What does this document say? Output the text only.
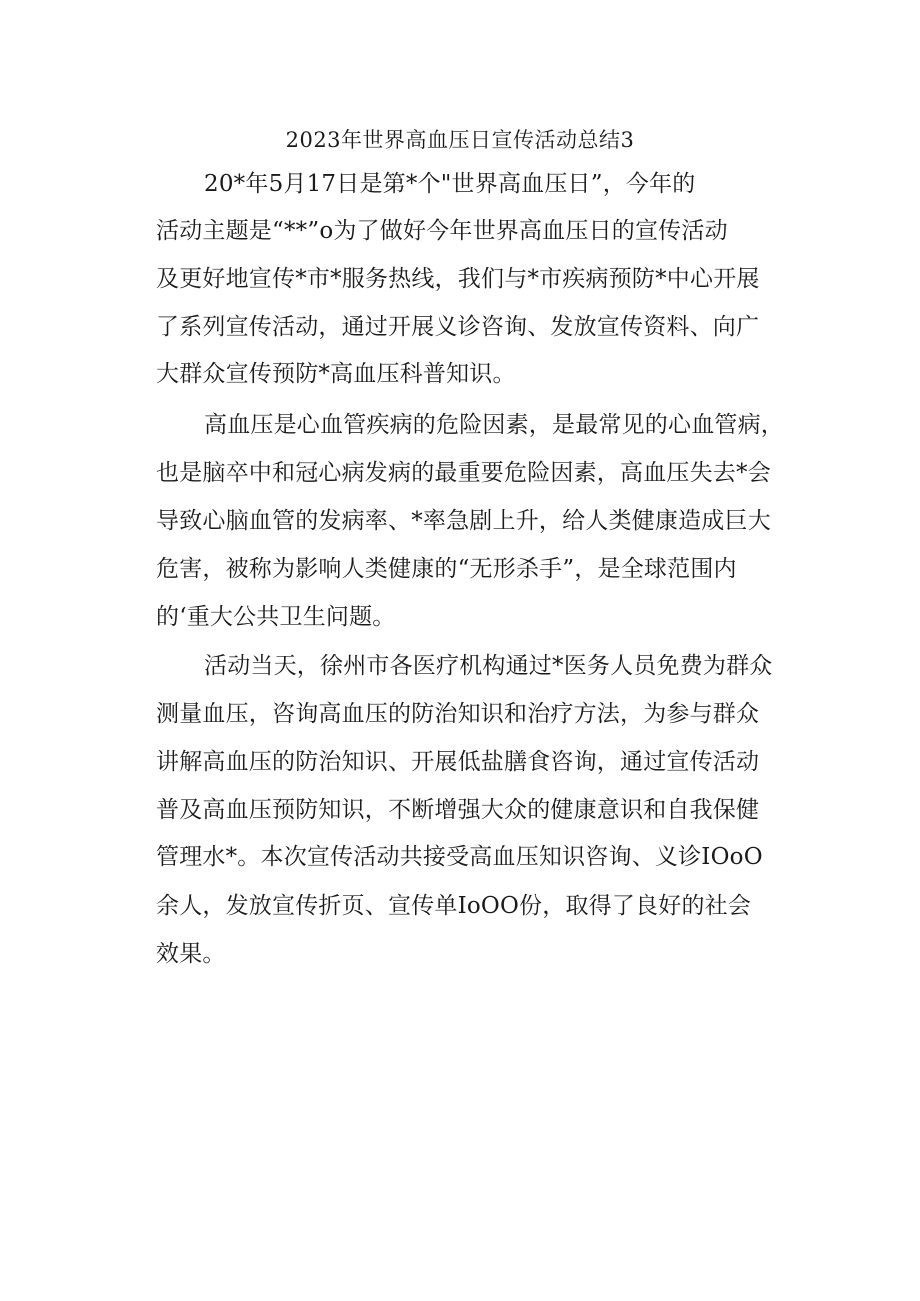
2023年世界高血压日宣传活动总结3
20*年5月17日是第*个"世界高血压日”，今年的
活动主题是“**”o为了做好今年世界高血压日的宣传活动
及更好地宣传*市*服务热线，我们与*市疾病预防*中心开展
了系列宣传活动，通过开展义诊咨询、发放宣传资料、向广
大群众宣传预防*高血压科普知识。
高血压是心血管疾病的危险因素，是最常见的心血管病，
也是脑卒中和冠心病发病的最重要危险因素，高血压失去*会
导致心脑血管的发病率、*率急剧上升，给人类健康造成巨大
危害，被称为影响人类健康的“无形杀手”，是全球范围内
的‘重大公共卫生问题。
活动当天，徐州市各医疗机构通过*医务人员免费为群众
测量血压，咨询高血压的防治知识和治疗方法，为参与群众
讲解高血压的防治知识、开展低盐膳食咨询，通过宣传活动
普及高血压预防知识，不断增强大众的健康意识和自我保健
管理水*。本次宣传活动共接受高血压知识咨询、义诊IOoO
余人，发放宣传折页、宣传单IoOO份，取得了良好的社会
效果。
